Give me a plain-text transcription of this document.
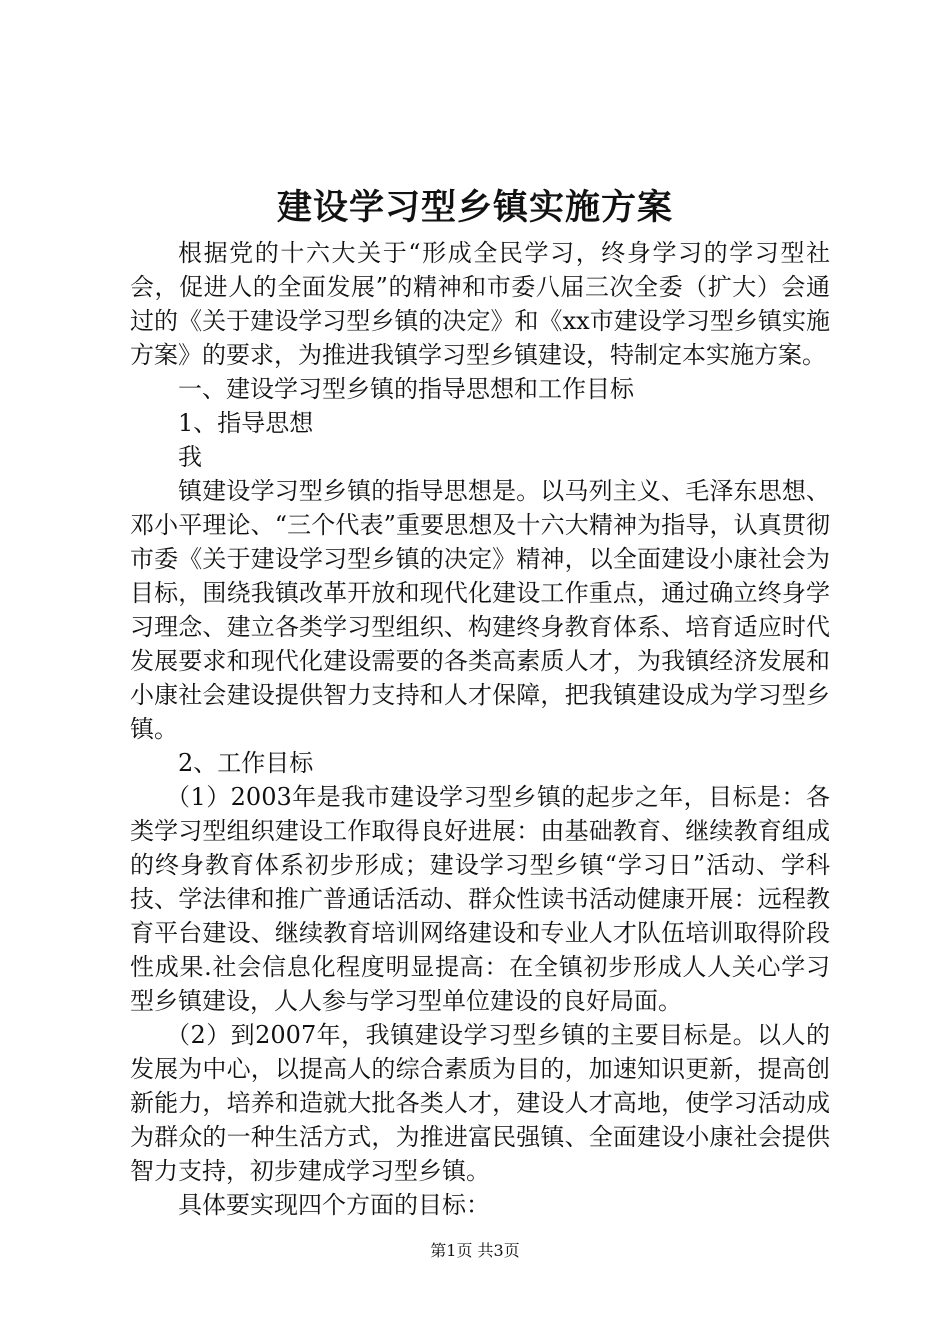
建设学习型乡镇实施方案

根据党的十六大关于“形成全民学习，终身学习的学习型社会，促进人的全面发展”的精神和市委八届三次全委（扩大）会通过的《关于建设学习型乡镇的决定》和《xx市建设学习型乡镇实施方案》的要求，为推进我镇学习型乡镇建设，特制定本实施方案。

一、建设学习型乡镇的指导思想和工作目标

1、指导思想

我

镇建设学习型乡镇的指导思想是。以马列主义、毛泽东思想、邓小平理论、“三个代表”重要思想及十六大精神为指导，认真贯彻市委《关于建设学习型乡镇的决定》精神，以全面建设小康社会为目标，围绕我镇改革开放和现代化建设工作重点，通过确立终身学习理念、建立各类学习型组织、构建终身教育体系、培育适应时代发展要求和现代化建设需要的各类高素质人才，为我镇经济发展和小康社会建设提供智力支持和人才保障，把我镇建设成为学习型乡镇。

2、工作目标

（1）2003年是我市建设学习型乡镇的起步之年，目标是：各类学习型组织建设工作取得良好进展：由基础教育、继续教育组成的终身教育体系初步形成；建设学习型乡镇“学习日”活动、学科技、学法律和推广普通话活动、群众性读书活动健康开展：远程教育平台建设、继续教育培训网络建设和专业人才队伍培训取得阶段性成果.社会信息化程度明显提高：在全镇初步形成人人关心学习型乡镇建设，人人参与学习型单位建设的良好局面。

（2）到2007年，我镇建设学习型乡镇的主要目标是。以人的发展为中心，以提高人的综合素质为目的，加速知识更新，提高创新能力，培养和造就大批各类人才，建设人才高地，使学习活动成为群众的一种生活方式，为推进富民强镇、全面建设小康社会提供智力支持，初步建成学习型乡镇。

具体要实现四个方面的目标：

第1页 共3页
